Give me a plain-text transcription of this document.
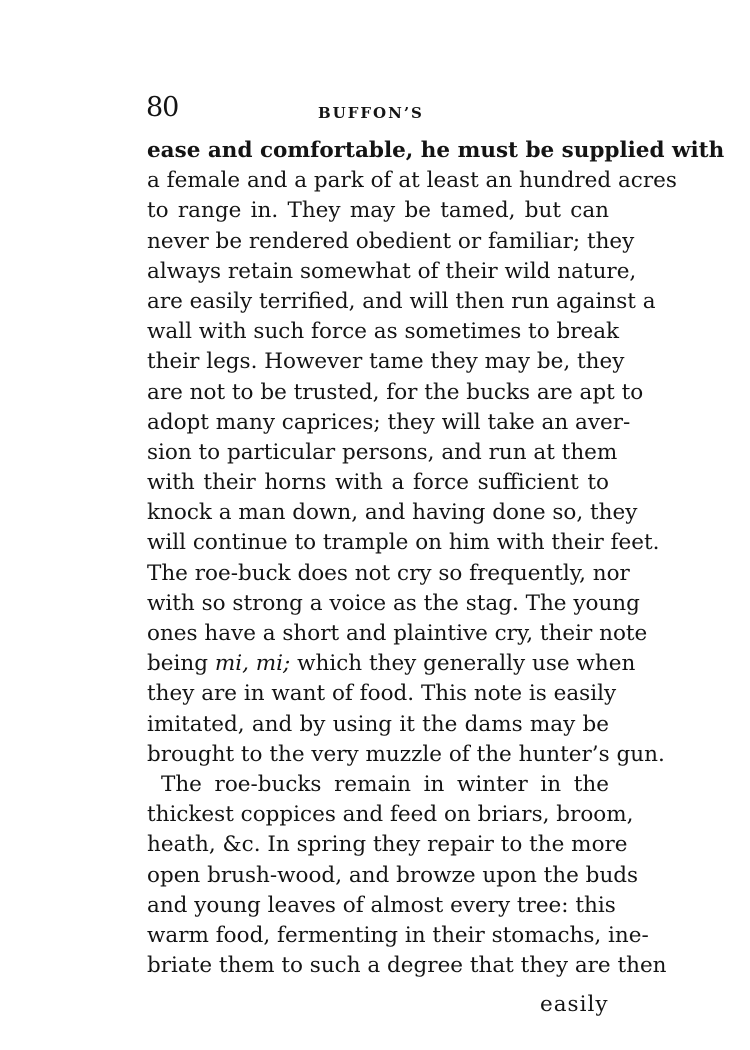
80	BUFFON’S
ease and comfortable, he must be supplied with
a female and a park of at least an hundred acres
to range in. They may be tamed, but can
never be rendered obedient or familiar; they
always retain somewhat of their wild nature,
are easily terrified, and will then run against a
wall with such force as sometimes to break
their legs. However tame they may be, they
are not to be trusted, for the bucks are apt to
adopt many caprices; they will take an aver-
sion to particular persons, and run at them
with their horns with a force sufficient to
knock a man down, and having done so, they
will continue to trample on him with their feet.
The roe-buck does not cry so frequently, nor
with so strong a voice as the stag. The young
ones have a short and plaintive cry, their note
being mi, mi; which they generally use when
they are in want of food. This note is easily
imitated, and by using it the dams may be
brought to the very muzzle of the hunter’s gun.
The roe-bucks remain in winter in the
thickest coppices and feed on briars, broom,
heath, &c. In spring they repair to the more
open brush-wood, and browze upon the buds
and young leaves of almost every tree: this
warm food, fermenting in their stomachs, ine-
briate them to such a degree that they are then
easily
